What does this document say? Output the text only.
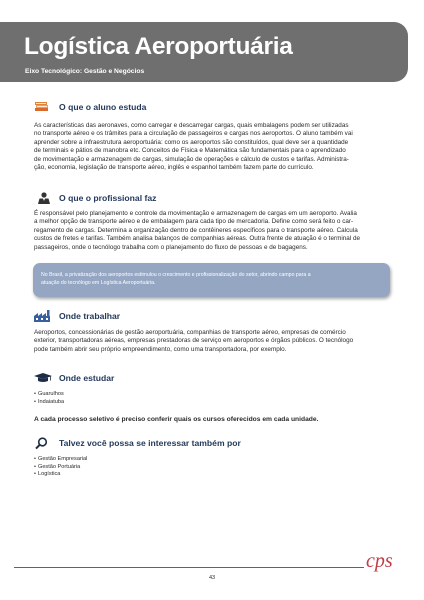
Logística Aeroportuária
Eixo Tecnológico: Gestão e Negócios
O que o aluno estuda
As características das aeronaves, como carregar e descarregar cargas, quais embalagens podem ser utilizadas
no transporte aéreo e os trâmites para a circulação de passageiros e cargas nos aeroportos. O aluno também vai
aprender sobre a infraestrutura aeroportuária: como os aeroportos são constituídos, qual deve ser a quantidade
de terminais e pátios de manobra etc. Conceitos de Física e Matemática são fundamentais para o aprendizado
de movimentação e armazenagem de cargas, simulação de operações e cálculo de custos e tarifas. Administra-
ção, economia, legislação de transporte aéreo, inglês e espanhol também fazem parte do currículo.
O que o profissional faz
É responsável pelo planejamento e controle da movimentação e armazenagem de cargas em um aeroporto. Avalia
a melhor opção de transporte aéreo e de embalagem para cada tipo de mercadoria. Define como será feito o car-
regamento de cargas. Determina a organização dentro de contêineres específicos para o transporte aéreo. Calcula
custos de fretes e tarifas. Também analisa balanços de companhias aéreas. Outra frente de atuação é o terminal de
passageiros, onde o tecnólogo trabalha com o planejamento do fluxo de pessoas e de bagagens.
No Brasil, a privatização dos aeroportos estimulou o crescimento e profissionalização do setor, abrindo campo para a
atuação do tecnólogo em Logística Aeroportuária.
Onde trabalhar
Aeroportos, concessionárias de gestão aeroportuária, companhias de transporte aéreo, empresas de comércio
exterior, transportadoras aéreas, empresas prestadoras de serviço em aeroportos e órgãos públicos. O tecnólogo
pode também abrir seu próprio empreendimento, como uma transportadora, por exemplo.
Onde estudar
• Guarulhos
• Indaiatuba
A cada processo seletivo é preciso conferir quais os cursos oferecidos em cada unidade.
Talvez você possa se interessar também por
• Gestão Empresarial
• Gestão Portuária
• Logística
cps
43
